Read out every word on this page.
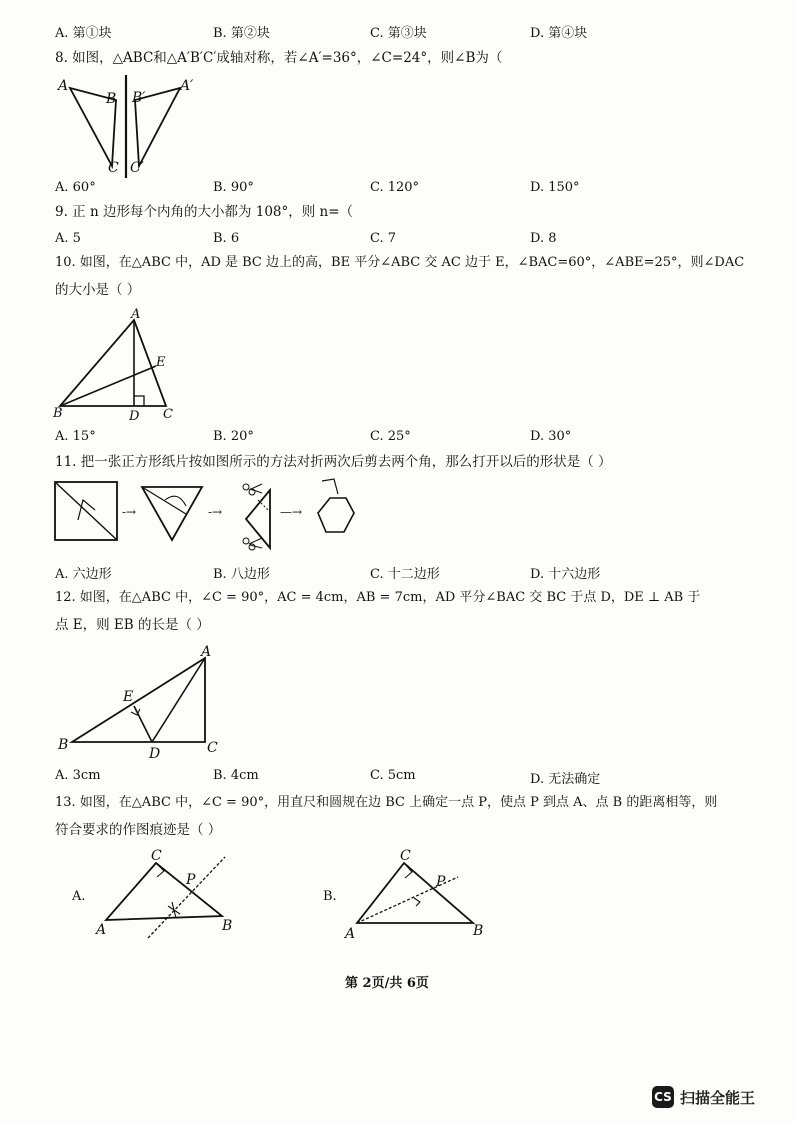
A. 第①块	B. 第②块	C. 第③块	D. 第④块
8. 如图，△ABC和△A′B′C′成轴对称，若∠A′=36°，∠C=24°，则∠B为（
A
B B′
A′
C C′
A. 60°	B. 90°	C. 120°	D. 150°
9. 正 n 边形每个内角的大小都为 108°，则 n=（
A. 5	B. 6	C. 7	D. 8
10. 如图，在△ABC 中，AD 是 BC 边上的高，BE 平分∠ABC 交 AC 边于 E，∠BAC=60°，∠ABE=25°，则∠DAC
的大小是（ ）
A
E
B	D C
A. 15°	B. 20°	C. 25°	D. 30°
11. 把一张正方形纸片按如图所示的方法对折两次后剪去两个角，那么打开以后的形状是（ ）
-→	-→	—→
A. 六边形	B. 八边形	C. 十二边形	D. 十六边形
12. 如图，在△ABC 中，∠C = 90°，AC = 4cm，AB = 7cm，AD 平分∠BAC 交 BC 于点 D，DE ⊥ AB 于
点 E，则 EB 的长是（ ）
A
E
B
D	C
A. 3cm	B. 4cm	C. 5cm	D. 无法确定
13. 如图，在△ABC 中，∠C = 90°，用直尺和圆规在边 BC 上确定一点 P，使点 P 到点 A、点 B 的距离相等，则
符合要求的作图痕迹是（ ）
A.	B.
C
P
A	B
C
P
A	B
第 2页/共 6页
CS 扫描全能王
